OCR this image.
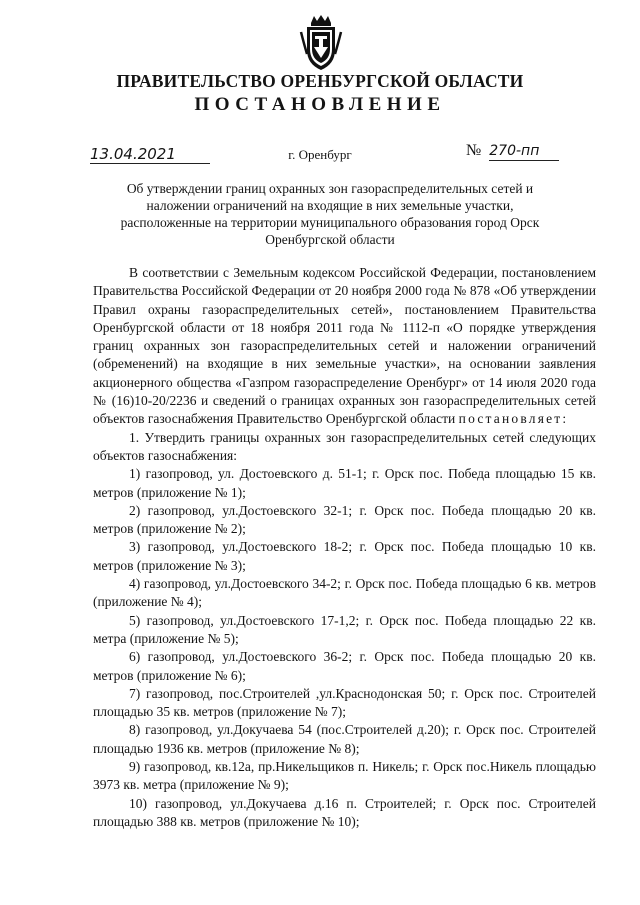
ПРАВИТЕЛЬСТВО ОРЕНБУРГСКОЙ ОБЛАСТИ
ПОСТАНОВЛЕНИЕ
13.04.2021	г. Оренбург	№ 270-пп
Об утверждении границ охранных зон газораспределительных сетей и наложении ограничений на входящие в них земельные участки, расположенные на территории муниципального образования город Орск Оренбургской области

В соответствии с Земельным кодексом Российской Федерации, постановлением Правительства Российской Федерации от 20 ноября 2000 года № 878 «Об утверждении Правил охраны газораспределительных сетей», постановлением Правительства Оренбургской области от 18 ноября 2011 года № 1112-п «О порядке утверждения границ охранных зон газораспределительных сетей и наложении ограничений (обременений) на входящие в них земельные участки», на основании заявления акционерного общества «Газпром газораспределение Оренбург» от 14 июля 2020 года № (16)10-20/2236 и сведений о границах охранных зон газораспределительных сетей объектов газоснабжения Правительство Оренбургской области постановляет:

1. Утвердить границы охранных зон газораспределительных сетей следующих объектов газоснабжения:

1) газопровод, ул. Достоевского д. 51-1; г. Орск пос. Победа площадью 15 кв. метров (приложение № 1);

2) газопровод, ул.Достоевского 32-1; г. Орск пос. Победа площадью 20 кв. метров (приложение № 2);

3) газопровод, ул.Достоевского 18-2; г. Орск пос. Победа площадью 10 кв. метров (приложение № 3);

4) газопровод, ул.Достоевского 34-2; г. Орск пос. Победа площадью 6 кв. метров (приложение № 4);

5) газопровод, ул.Достоевского 17-1,2; г. Орск пос. Победа площадью 22 кв. метра (приложение № 5);

6) газопровод, ул.Достоевского 36-2; г. Орск пос. Победа площадью 20 кв. метров (приложение № 6);

7) газопровод, пос.Строителей ,ул.Краснодонская 50; г. Орск пос. Строителей площадью 35 кв. метров (приложение № 7);

8) газопровод, ул.Докучаева 54 (пос.Строителей д.20); г. Орск пос. Строителей площадью 1936 кв. метров (приложение № 8);

9) газопровод, кв.12а, пр.Никельщиков п. Никель; г. Орск пос.Никель площадью 3973 кв. метра (приложение № 9);

10) газопровод, ул.Докучаева д.16 п. Строителей; г. Орск пос. Строителей площадью 388 кв. метров (приложение № 10);
